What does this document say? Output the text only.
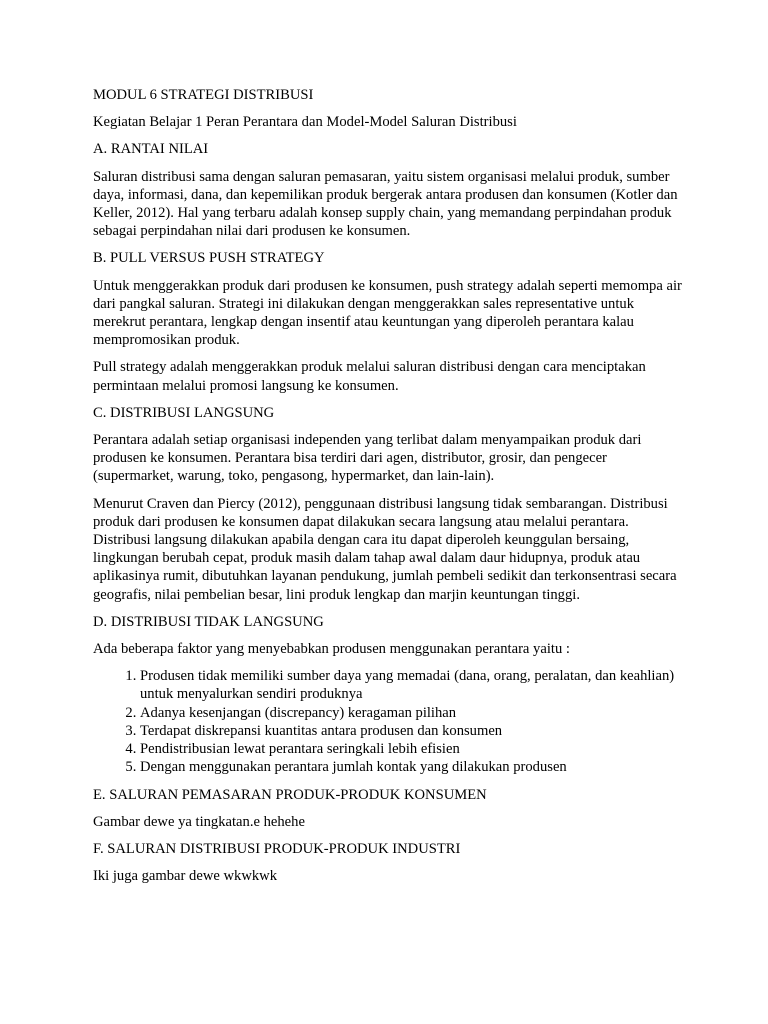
MODUL 6 STRATEGI DISTRIBUSI

Kegiatan Belajar 1 Peran Perantara dan Model-Model Saluran Distribusi

A. RANTAI NILAI

Saluran distribusi sama dengan saluran pemasaran, yaitu sistem organisasi melalui produk, sumber daya, informasi, dana, dan kepemilikan produk bergerak antara produsen dan konsumen (Kotler dan Keller, 2012). Hal yang terbaru adalah konsep supply chain, yang memandang perpindahan produk sebagai perpindahan nilai dari produsen ke konsumen.

B. PULL VERSUS PUSH STRATEGY

Untuk menggerakkan produk dari produsen ke konsumen, push strategy adalah seperti memompa air dari pangkal saluran. Strategi ini dilakukan dengan menggerakkan sales representative untuk merekrut perantara, lengkap dengan insentif atau keuntungan yang diperoleh perantara kalau mempromosikan produk.

Pull strategy adalah menggerakkan produk melalui saluran distribusi dengan cara menciptakan permintaan melalui promosi langsung ke konsumen.

C. DISTRIBUSI LANGSUNG

Perantara adalah setiap organisasi independen yang terlibat dalam menyampaikan produk dari produsen ke konsumen. Perantara bisa terdiri dari agen, distributor, grosir, dan pengecer (supermarket, warung, toko, pengasong, hypermarket, dan lain-lain).

Menurut Craven dan Piercy (2012), penggunaan distribusi langsung tidak sembarangan. Distribusi produk dari produsen ke konsumen dapat dilakukan secara langsung atau melalui perantara. Distribusi langsung dilakukan apabila dengan cara itu dapat diperoleh keunggulan bersaing, lingkungan berubah cepat, produk masih dalam tahap awal dalam daur hidupnya, produk atau aplikasinya rumit, dibutuhkan layanan pendukung, jumlah pembeli sedikit dan terkonsentrasi secara geografis, nilai pembelian besar, lini produk lengkap dan marjin keuntungan tinggi.

D. DISTRIBUSI TIDAK LANGSUNG

Ada beberapa faktor yang menyebabkan produsen menggunakan perantara yaitu :

1. Produsen tidak memiliki sumber daya yang memadai (dana, orang, peralatan, dan keahlian) untuk menyalurkan sendiri produknya
2. Adanya kesenjangan (discrepancy) keragaman pilihan
3. Terdapat diskrepansi kuantitas antara produsen dan konsumen
4. Pendistribusian lewat perantara seringkali lebih efisien
5. Dengan menggunakan perantara jumlah kontak yang dilakukan produsen
E. SALURAN PEMASARAN PRODUK-PRODUK KONSUMEN

Gambar dewe ya tingkatan.e hehehe

F. SALURAN DISTRIBUSI PRODUK-PRODUK INDUSTRI

Iki juga gambar dewe wkwkwk
